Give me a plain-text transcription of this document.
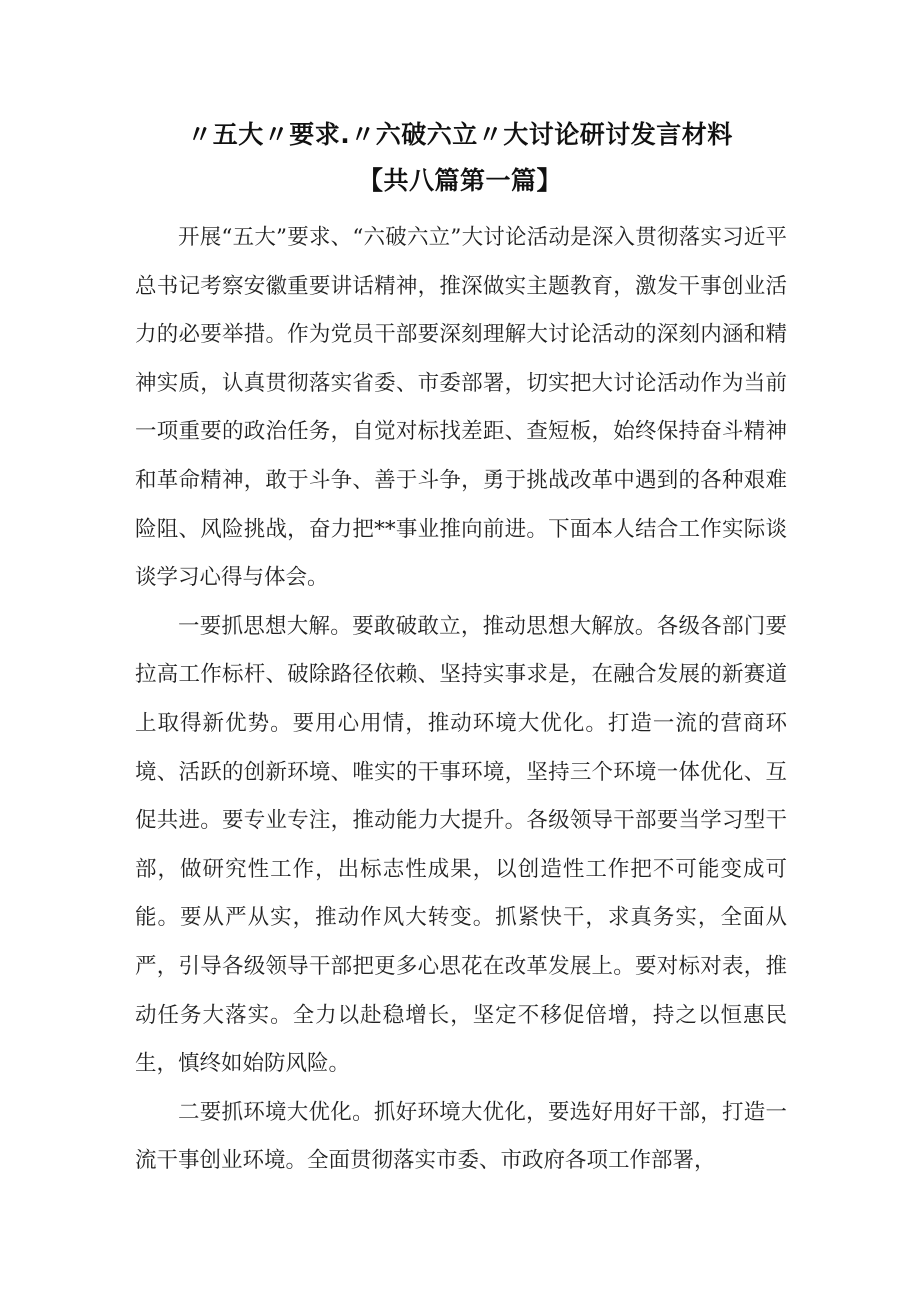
〃五大〃要求.〃六破六立〃大讨论研讨发言材料
【共八篇第一篇】

开展“五大”要求、“六破六立”大讨论活动是深入贯彻落实习近平总书记考察安徽重要讲话精神，推深做实主题教育，激发干事创业活力的必要举措。作为党员干部要深刻理解大讨论活动的深刻内涵和精神实质，认真贯彻落实省委、市委部署，切实把大讨论活动作为当前一项重要的政治任务，自觉对标找差距、查短板，始终保持奋斗精神和革命精神，敢于斗争、善于斗争，勇于挑战改革中遇到的各种艰难险阻、风险挑战，奋力把**事业推向前进。下面本人结合工作实际谈谈学习心得与体会。

一要抓思想大解。要敢破敢立，推动思想大解放。各级各部门要拉高工作标杆、破除路径依赖、坚持实事求是，在融合发展的新赛道上取得新优势。要用心用情，推动环境大优化。打造一流的营商环境、活跃的创新环境、唯实的干事环境，坚持三个环境一体优化、互促共进。要专业专注，推动能力大提升。各级领导干部要当学习型干部，做研究性工作，出标志性成果，以创造性工作把不可能变成可能。要从严从实，推动作风大转变。抓紧快干，求真务实，全面从严，引导各级领导干部把更多心思花在改革发展上。要对标对表，推动任务大落实。全力以赴稳增长，坚定不移促倍增，持之以恒惠民生，慎终如始防风险。

二要抓环境大优化。抓好环境大优化，要选好用好干部，打造一流干事创业环境。全面贯彻落实市委、市政府各项工作部署，
